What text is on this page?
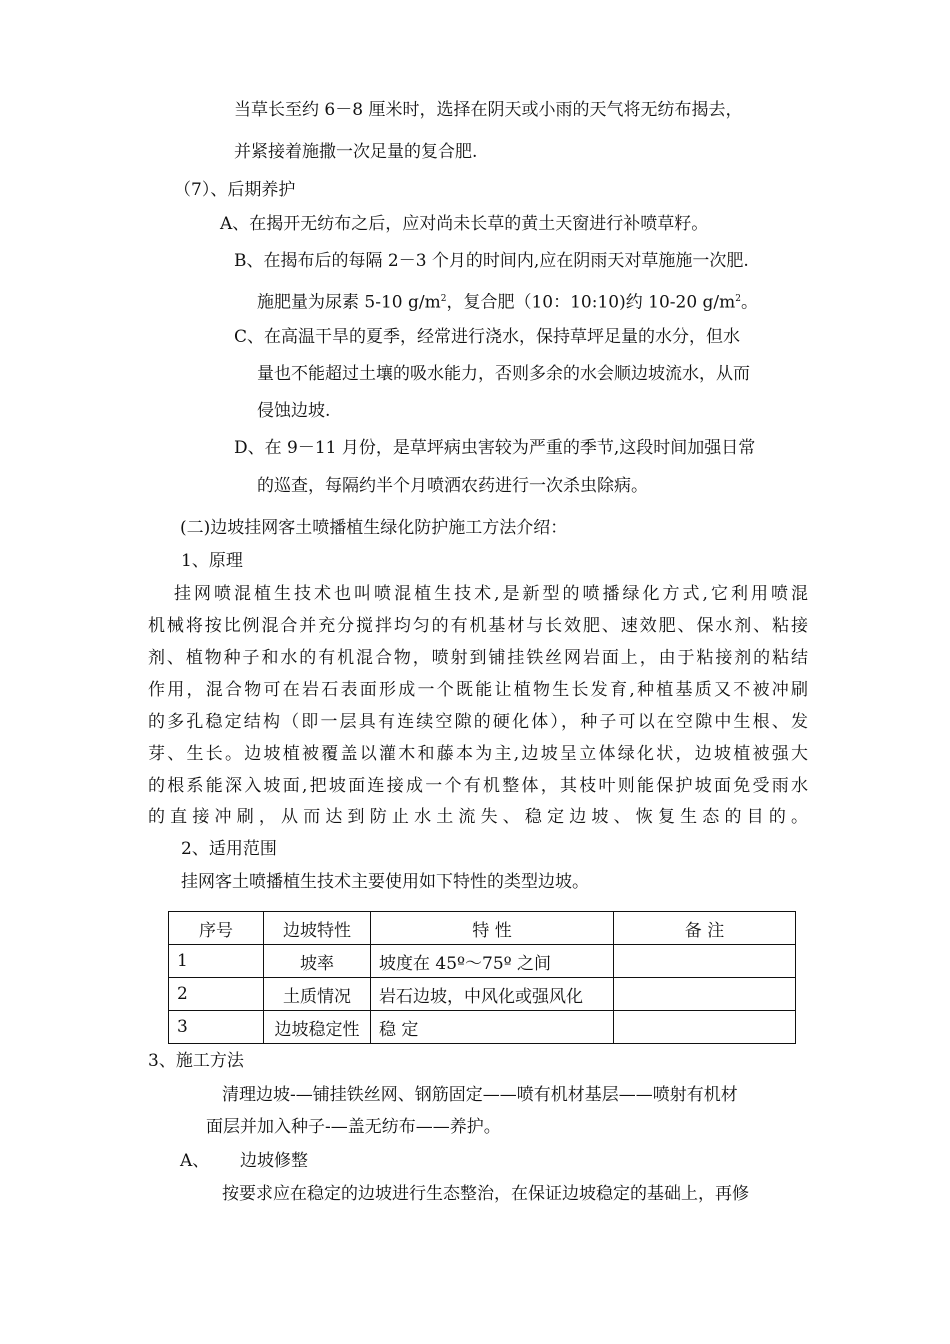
当草长至约 6－8 厘米时，选择在阴天或小雨的天气将无纺布揭去，
并紧接着施撒一次足量的复合肥.
（7）、后期养护
A、在揭开无纺布之后，应对尚未长草的黄土天窗进行补喷草籽。
B、在揭布后的每隔 2－3 个月的时间内,应在阴雨天对草施施一次肥.
施肥量为尿素 5-10 $g/m^2$，复合肥（10：10:10)约 10-20 $g/m^2$。
C、在高温干旱的夏季，经常进行浇水，保持草坪足量的水分，但水
量也不能超过土壤的吸水能力，否则多余的水会顺边坡流水，从而
侵蚀边坡.
D、在 9－11 月份，是草坪病虫害较为严重的季节,这段时间加强日常
的巡查，每隔约半个月喷洒农药进行一次杀虫除病。
(二)边坡挂网客土喷播植生绿化防护施工方法介绍：
1、原理
挂网喷混植生技术也叫喷混植生技术,是新型的喷播绿化方式,它利用喷混
机械将按比例混合并充分搅拌均匀的有机基材与长效肥、速效肥、保水剂、粘接
剂、植物种子和水的有机混合物，喷射到铺挂铁丝网岩面上，由于粘接剂的粘结
作用，混合物可在岩石表面形成一个既能让植物生长发育,种植基质又不被冲刷
的多孔稳定结构（即一层具有连续空隙的硬化体），种子可以在空隙中生根、发
芽、生长。边坡植被覆盖以灌木和藤本为主,边坡呈立体绿化状，边坡植被强大
的根系能深入坡面,把坡面连接成一个有机整体，其枝叶则能保护坡面免受雨水
的直接冲刷，从而达到防止水土流失、稳定边坡、恢复生态的目的。
2、适用范围
挂网客土喷播植生技术主要使用如下特性的类型边坡。
序号	边坡特性	特 性	备 注
1	坡率	坡度在 45º～75º 之间	
2	土质情况	岩石边坡，中风化或强风化	
3	边坡稳定性	稳 定	
3、施工方法
清理边坡-—铺挂铁丝网、钢筋固定——喷有机材基层——喷射有机材
面层并加入种子-—盖无纺布——养护。
A、 边坡修整
按要求应在稳定的边坡进行生态整治，在保证边坡稳定的基础上，再修
